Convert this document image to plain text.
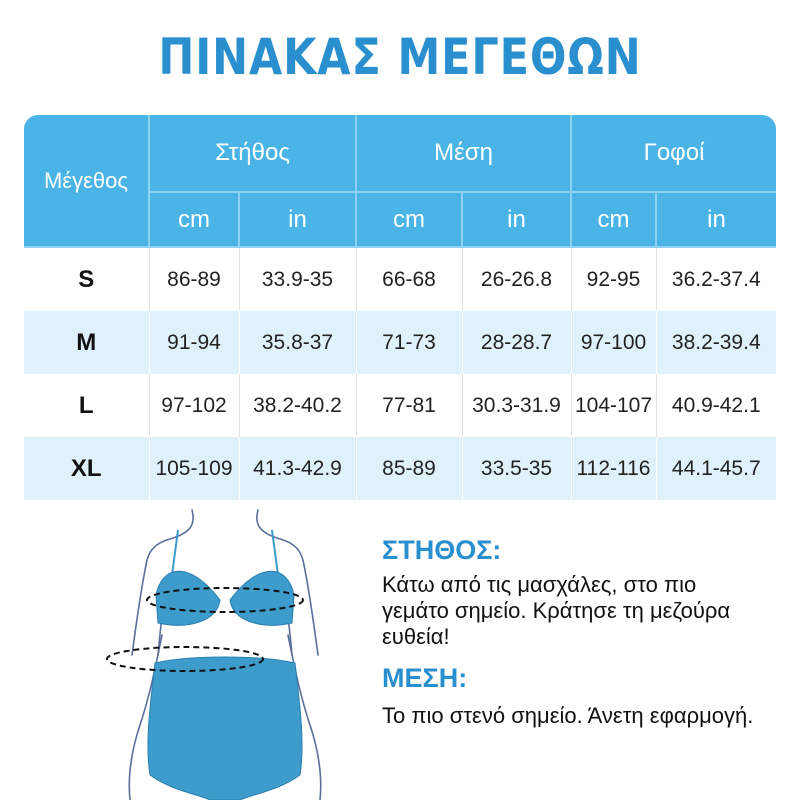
ΠΙΝΑΚΑΣ ΜΕΓΕΘΩΝ
Μέγεθος	Στήθος		Μέση		Γοφοί	
	cm	in	cm	in	cm	in
S	86-89	33.9-35	66-68	26-26.8	92-95	36.2-37.4
M	91-94	35.8-37	71-73	28-28.7	97-100	38.2-39.4
L	97-102	38.2-40.2	77-81	30.3-31.9	104-107	40.9-42.1
XL	105-109	41.3-42.9	85-89	33.5-35	112-116	44.1-45.7
ΣΤΗΘΟΣ:

Κάτω από τις μασχάλες, στο πιο γεμάτο σημείο. Κράτησε τη μεζούρα ευθεία!

ΜΕΣΗ:

Το πιο στενό σημείο. Άνετη εφαρμογή.
